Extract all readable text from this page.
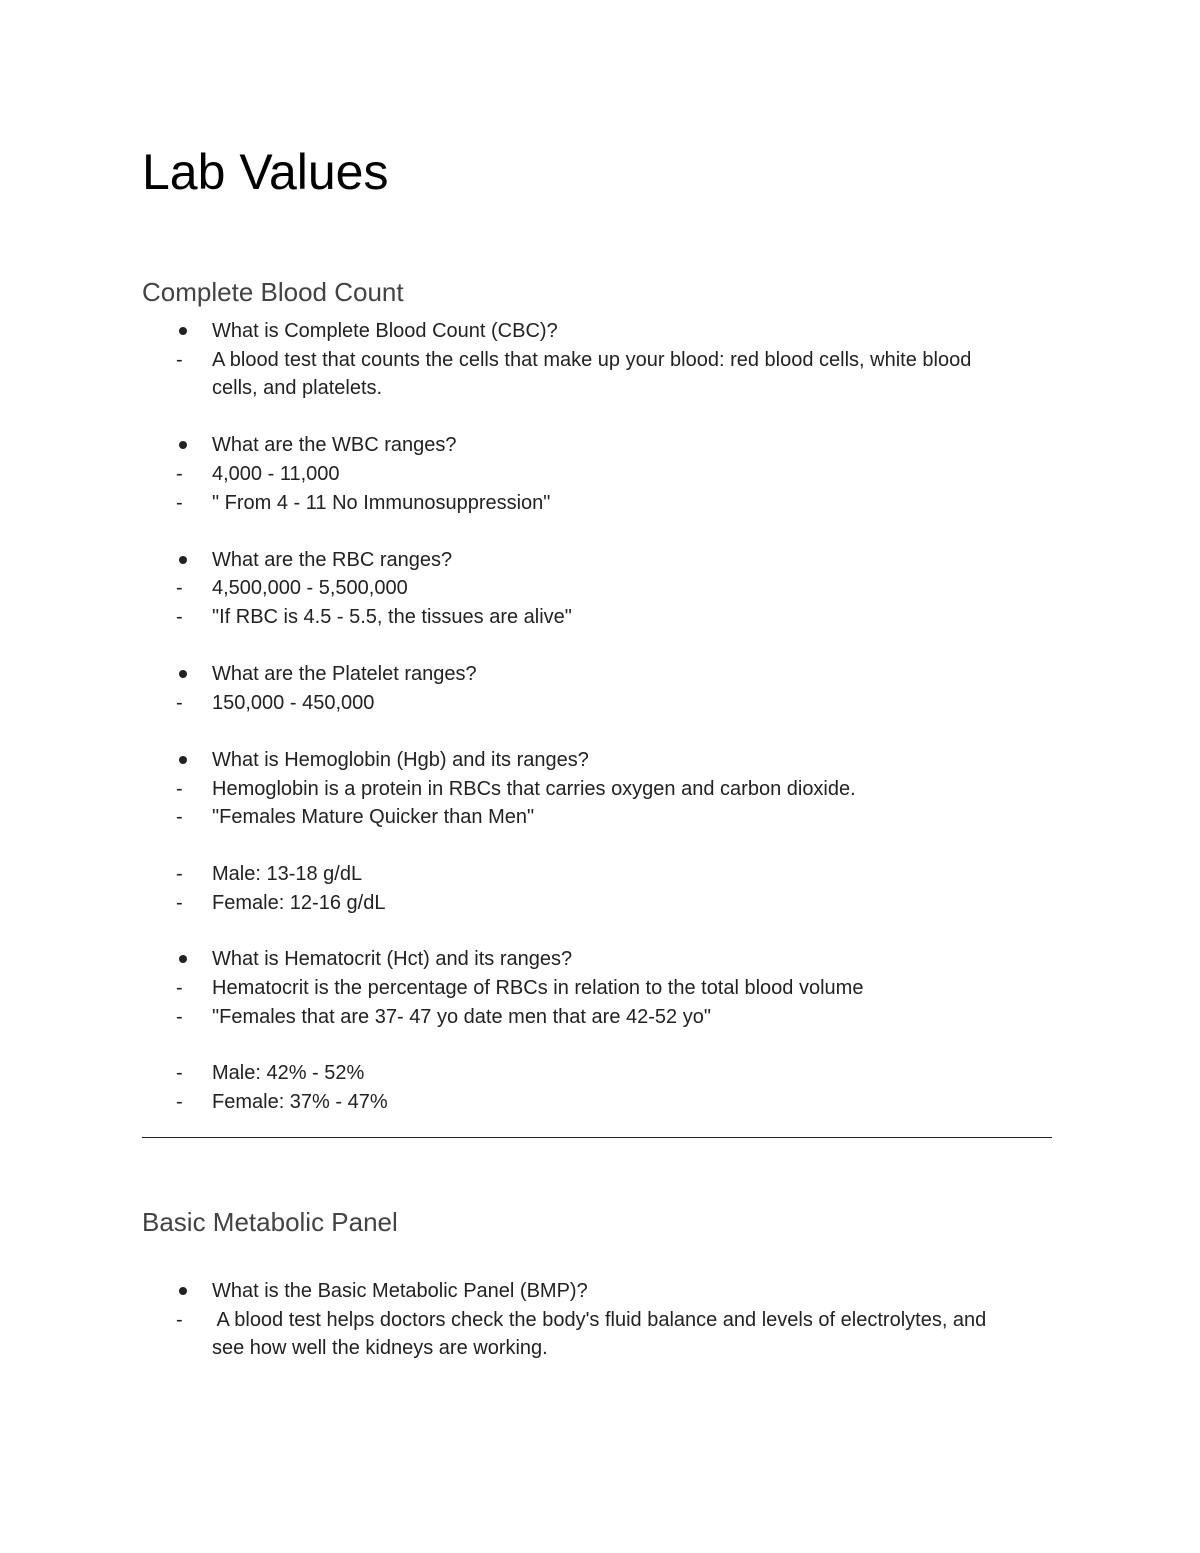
Lab Values
Complete Blood Count
What is Complete Blood Count (CBC)?
- A blood test that counts the cells that make up your blood: red blood cells, white blood
cells, and platelets.
What are the WBC ranges?
- 4,000 - 11,000
- " From 4 - 11 No Immunosuppression"
What are the RBC ranges?
- 4,500,000 - 5,500,000
- "If RBC is 4.5 - 5.5, the tissues are alive"
What are the Platelet ranges?
- 150,000 - 450,000
What is Hemoglobin (Hgb) and its ranges?
- Hemoglobin is a protein in RBCs that carries oxygen and carbon dioxide.
- "Females Mature Quicker than Men"
- Male: 13-18 g/dL
- Female: 12-16 g/dL
What is Hematocrit (Hct) and its ranges?
- Hematocrit is the percentage of RBCs in relation to the total blood volume
- "Females that are 37- 47 yo date men that are 42-52 yo"
- Male: 42% - 52%
- Female: 37% - 47%
Basic Metabolic Panel
What is the Basic Metabolic Panel (BMP)?
- A blood test helps doctors check the body's fluid balance and levels of electrolytes, and
see how well the kidneys are working.
